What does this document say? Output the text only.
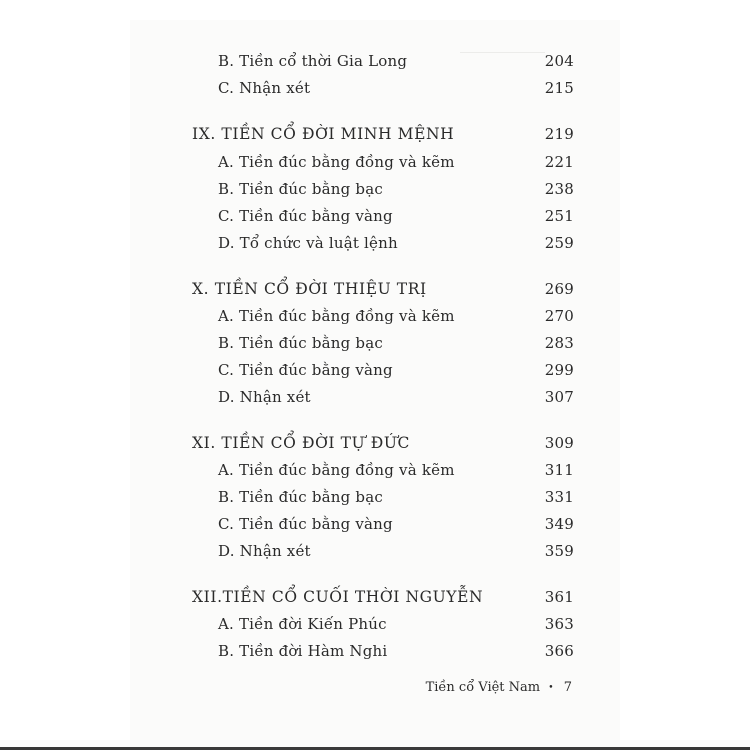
B. Tiền cổ thời Gia Long	204
C. Nhận xét	215
IX. TIỀN CỔ ĐỜI MINH MỆNH	219
A. Tiền đúc bằng đồng và kẽm	221
B. Tiền đúc bằng bạc	238
C. Tiền đúc bằng vàng	251
D. Tổ chức và luật lệnh	259
X. TIỀN CỔ ĐỜI THIỆU TRỊ	269
A. Tiền đúc bằng đồng và kẽm	270
B. Tiền đúc bằng bạc	283
C. Tiền đúc bằng vàng	299
D. Nhận xét	307
XI. TIỀN CỔ ĐỜI TỰ ĐỨC	309
A. Tiền đúc bằng đồng và kẽm	311
B. Tiền đúc bằng bạc	331
C. Tiền đúc bằng vàng	349
D. Nhận xét	359
XII.TIỀN CỔ CUỐI THỜI NGUYỄN	361
A. Tiền đời Kiến Phúc	363
B. Tiền đời Hàm Nghi	366
Tiền cổ Việt Nam • 7
